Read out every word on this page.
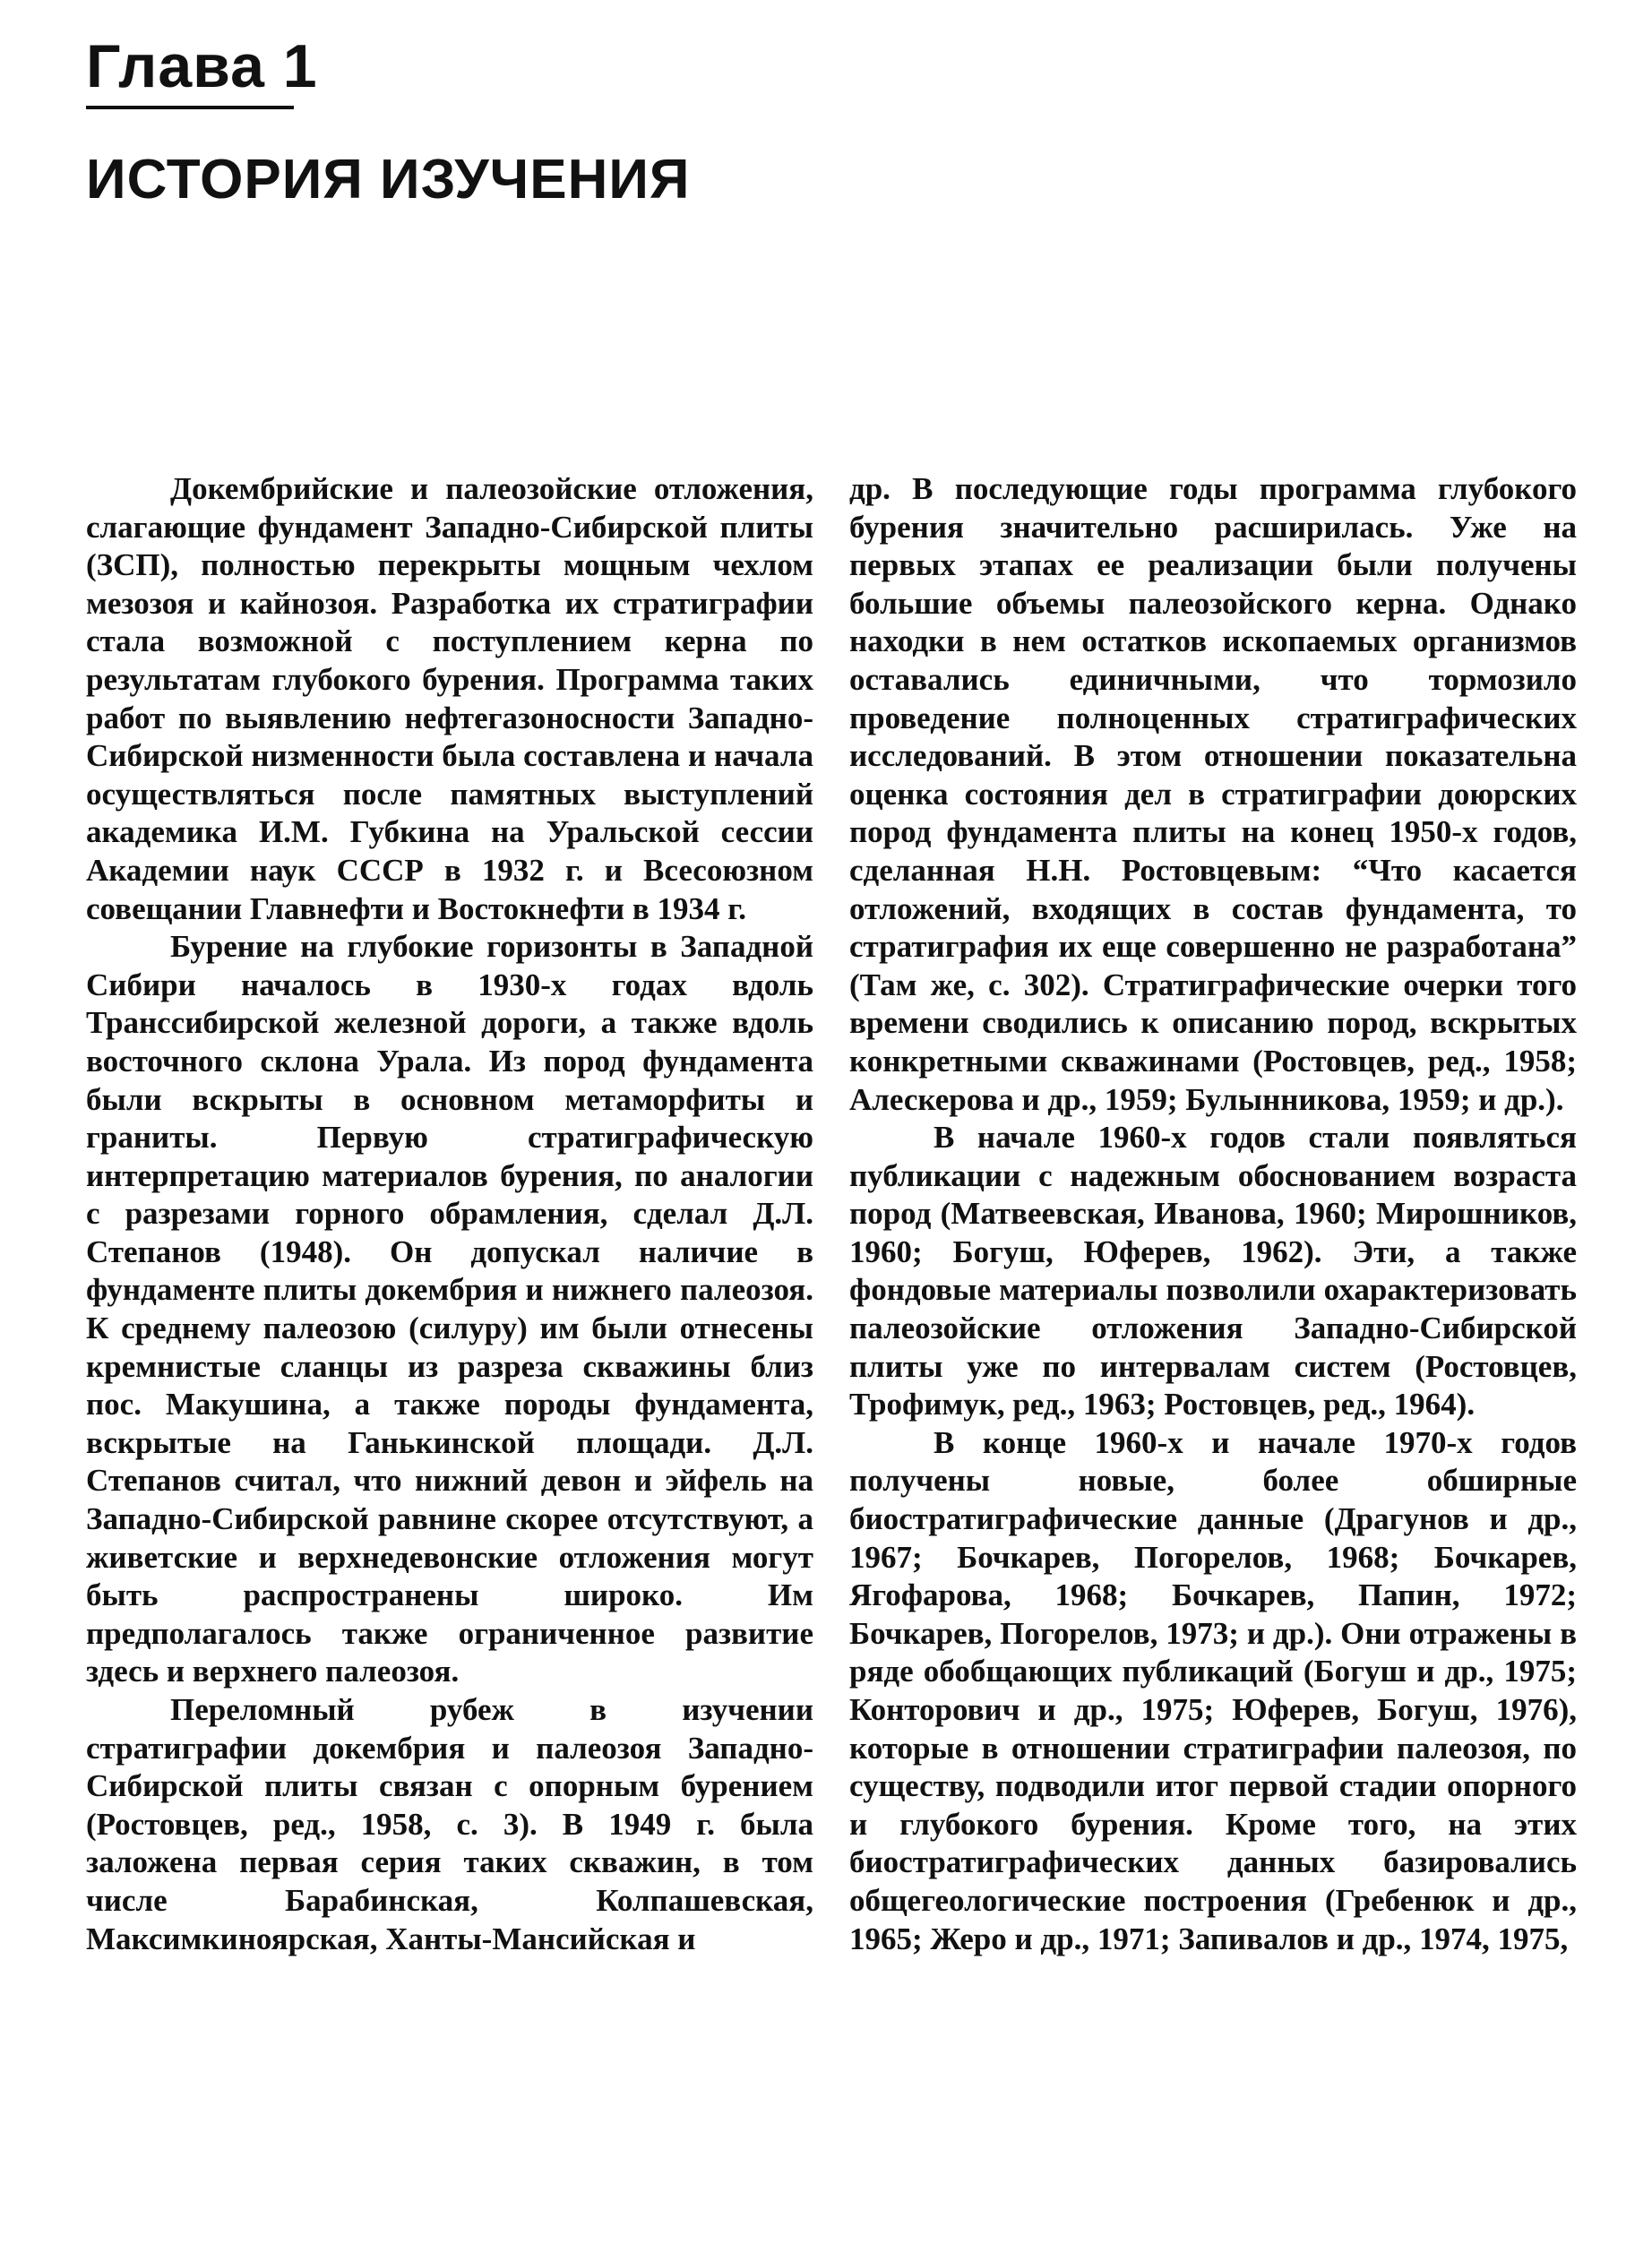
Глава 1
ИСТОРИЯ ИЗУЧЕНИЯ

Докембрийские и палеозойские отложения, слагающие фундамент Западно-Сибирской плиты (ЗСП), полностью перекрыты мощным чехлом мезозоя и кайнозоя. Разработка их стратиграфии стала возможной с поступлением керна по результатам глубокого бурения. Программа таких работ по выявлению нефтегазоносности Западно-Сибирской низменности была составлена и начала осуществляться после памятных выступлений академика И.М. Губкина на Уральской сессии Академии наук СССР в 1932 г. и Всесоюзном совещании Главнефти и Востокнефти в 1934 г.

Бурение на глубокие горизонты в Западной Сибири началось в 1930-х годах вдоль Транссибирской железной дороги, а также вдоль восточного склона Урала. Из пород фундамента были вскрыты в основном метаморфиты и граниты. Первую стратиграфическую интерпретацию материалов бурения, по аналогии с разрезами горного обрамления, сделал Д.Л. Степанов (1948). Он допускал наличие в фундаменте плиты докембрия и нижнего палеозоя. К среднему палеозою (силуру) им были отнесены кремнистые сланцы из разреза скважины близ пос. Макушина, а также породы фундамента, вскрытые на Ганькинской площади. Д.Л. Степанов считал, что нижний девон и эйфель на Западно-Сибирской равнине скорее отсутствуют, а живетские и верхнедевонские отложения могут быть распространены широко. Им предполагалось также ограниченное развитие здесь и верхнего палеозоя.

Переломный рубеж в изучении стратиграфии докембрия и палеозоя Западно-Сибирской плиты связан с опорным бурением (Ростовцев, ред., 1958, с. 3). В 1949 г. была заложена первая серия таких скважин, в том числе Барабинская, Колпашевская, Максимкиноярская, Ханты-Мансийская и

др. В последующие годы программа глубокого бурения значительно расширилась. Уже на первых этапах ее реализации были получены большие объемы палеозойского керна. Однако находки в нем остатков ископаемых организмов оставались единичными, что тормозило проведение полноценных стратиграфических исследований. В этом отношении показательна оценка состояния дел в стратиграфии доюрских пород фундамента плиты на конец 1950-х годов, сделанная Н.Н. Ростовцевым: “Что касается отложений, входящих в состав фундамента, то стратиграфия их еще совершенно не разработана” (Там же, с. 302). Стратиграфические очерки того времени сводились к описанию пород, вскрытых конкретными скважинами (Ростовцев, ред., 1958; Алескерова и др., 1959; Булынникова, 1959; и др.).

В начале 1960-х годов стали появляться публикации с надежным обоснованием возраста пород (Матвеевская, Иванова, 1960; Мирошников, 1960; Богуш, Юферев, 1962). Эти, а также фондовые материалы позволили охарактеризовать палеозойские отложения Западно-Сибирской плиты уже по интервалам систем (Ростовцев, Трофимук, ред., 1963; Ростовцев, ред., 1964).

В конце 1960-х и начале 1970-х годов получены новые, более обширные биостратиграфические данные (Драгунов и др., 1967; Бочкарев, Погорелов, 1968; Бочкарев, Ягофарова, 1968; Бочкарев, Папин, 1972; Бочкарев, Погорелов, 1973; и др.). Они отражены в ряде обобщающих публикаций (Богуш и др., 1975; Конторович и др., 1975; Юферев, Богуш, 1976), которые в отношении стратиграфии палеозоя, по существу, подводили итог первой стадии опорного и глубокого бурения. Кроме того, на этих биостратиграфических данных базировались общегеологические построения (Гребенюк и др., 1965; Жеро и др., 1971; Запивалов и др., 1974, 1975,
